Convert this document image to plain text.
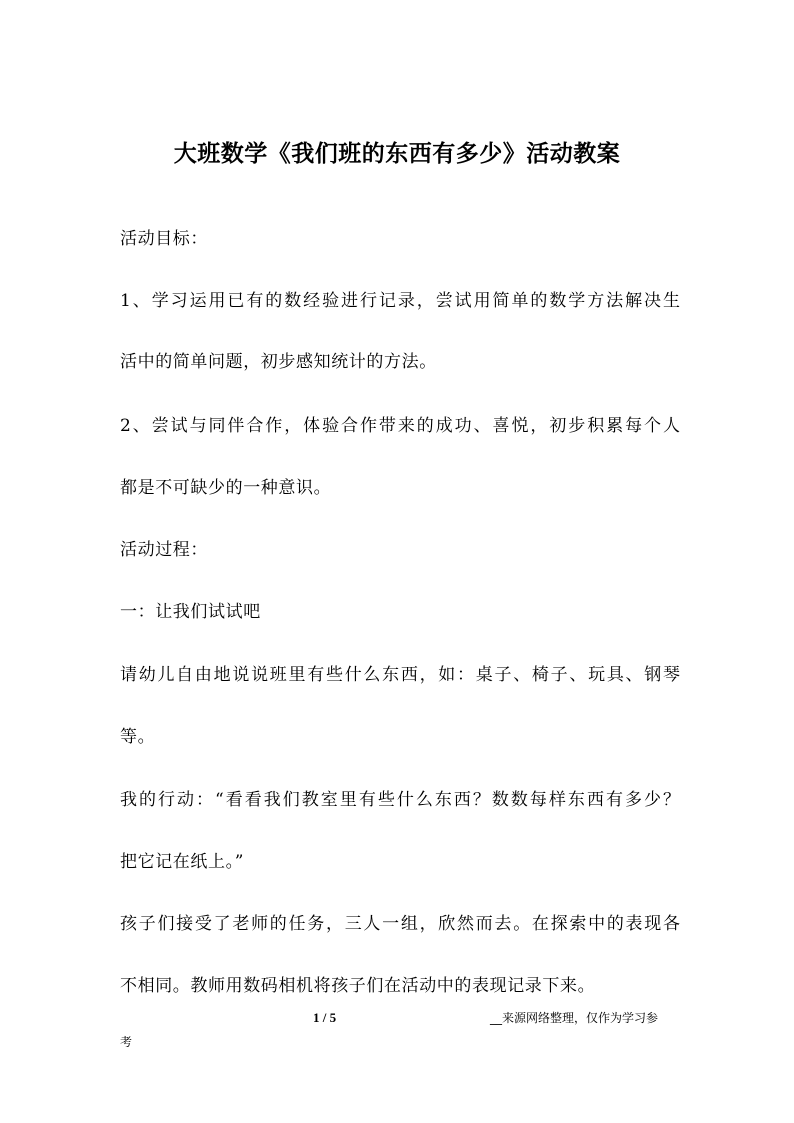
大班数学《我们班的东西有多少》活动教案
活动目标：
1、学习运用已有的数经验进行记录，尝试用简单的数学方法解决生
活中的简单问题，初步感知统计的方法。
2、尝试与同伴合作，体验合作带来的成功、喜悦，初步积累每个人
都是不可缺少的一种意识。
活动过程：
一：让我们试试吧
请幼儿自由地说说班里有些什么东西，如：桌子、椅子、玩具、钢琴
等。
我的行动：“看看我们教室里有些什么东西？数数每样东西有多少？
把它记在纸上。”
孩子们接受了老师的任务，三人一组，欣然而去。在探索中的表现各
不相同。教师用数码相机将孩子们在活动中的表现记录下来。
1 / 5	__来源网络整理，仅作为学习参
考
